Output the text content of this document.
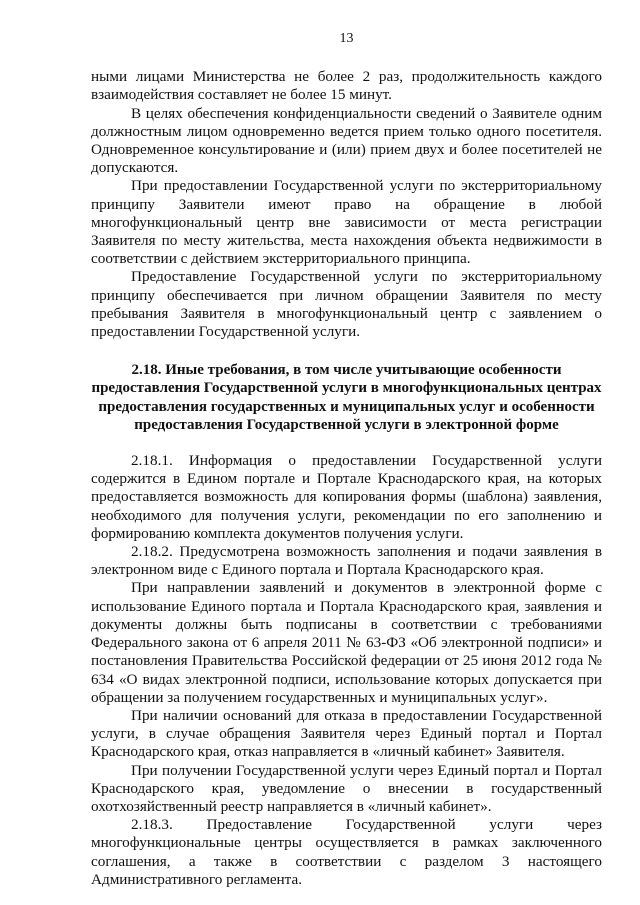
13

ными лицами Министерства не более 2 раз, продолжительность каждого взаимодействия составляет не более 15 минут.

В целях обеспечения конфиденциальности сведений о Заявителе одним должностным лицом одновременно ведется прием только одного посетителя. Одновременное консультирование и (или) прием двух и более посетителей не допускаются.

При предоставлении Государственной услуги по экстерриториальному принципу Заявители имеют право на обращение в любой многофункциональный центр вне зависимости от места регистрации Заявителя по месту жительства, места нахождения объекта недвижимости в соответствии с действием экстерриториального принципа.

Предоставление Государственной услуги по экстерриториальному принципу обеспечивается при личном обращении Заявителя по месту пребывания Заявителя в многофункциональный центр с заявлением о предоставлении Государственной услуги.

2.18. Иные требования, в том числе учитывающие особенности предоставления Государственной услуги в многофункциональных центрах предоставления государственных и муниципальных услуг и особенности предоставления Государственной услуги в электронной форме

2.18.1. Информация о предоставлении Государственной услуги содержится в Едином портале и Портале Краснодарского края, на которых предоставляется возможность для копирования формы (шаблона) заявления, необходимого для получения услуги, рекомендации по его заполнению и формированию комплекта документов получения услуги.

2.18.2. Предусмотрена возможность заполнения и подачи заявления в электронном виде с Единого портала и Портала Краснодарского края.

При направлении заявлений и документов в электронной форме с использование Единого портала и Портала Краснодарского края, заявления и документы должны быть подписаны в соответствии с требованиями Федерального закона от 6 апреля 2011 № 63-ФЗ «Об электронной подписи» и постановления Правительства Российской федерации от 25 июня 2012 года № 634 «О видах электронной подписи, использование которых допускается при обращении за получением государственных и муниципальных услуг».

При наличии оснований для отказа в предоставлении Государственной услуги, в случае обращения Заявителя через Единый портал и Портал Краснодарского края, отказ направляется в «личный кабинет» Заявителя.

При получении Государственной услуги через Единый портал и Портал Краснодарского края, уведомление о внесении в государственный охотхозяйственный реестр направляется в «личный кабинет».

2.18.3. Предоставление Государственной услуги через многофункциональные центры осуществляется в рамках заключенного соглашения, а также в соответствии с разделом 3 настоящего Административного регламента.
